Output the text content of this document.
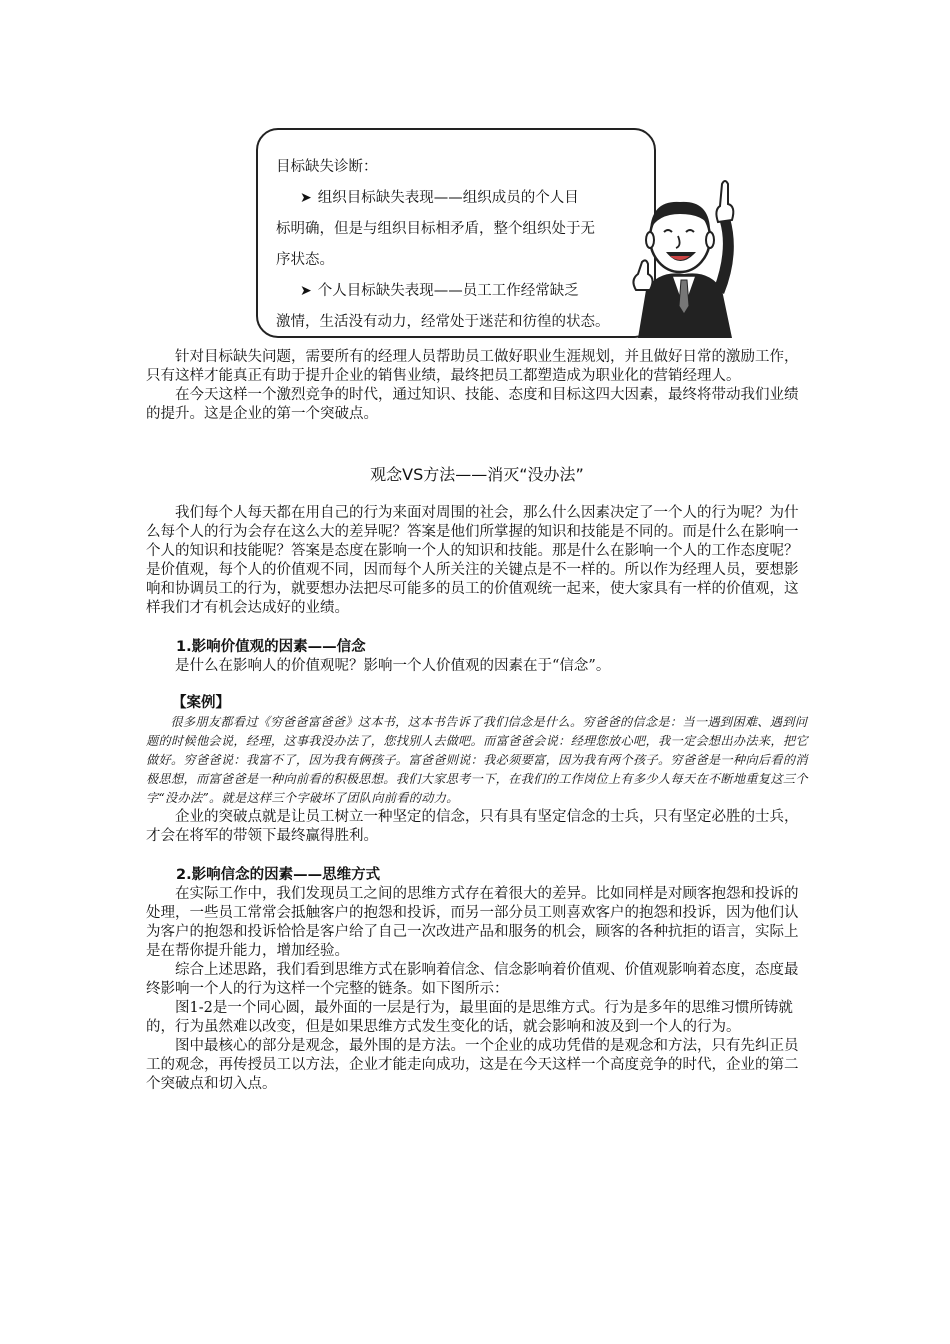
目标缺失诊断：
➤ 组织目标缺失表现——组织成员的个人目
标明确，但是与组织目标相矛盾，整个组织处于无
序状态。
➤ 个人目标缺失表现——员工工作经常缺乏
激情，生活没有动力，经常处于迷茫和彷徨的状态。

针对目标缺失问题，需要所有的经理人员帮助员工做好职业生涯规划，并且做好日常的激励工作，只有这样才能真正有助于提升企业的销售业绩，最终把员工都塑造成为职业化的营销经理人。

在今天这样一个激烈竞争的时代，通过知识、技能、态度和目标这四大因素，最终将带动我们业绩的提升。这是企业的第一个突破点。

观念VS方法——消灭“没办法”

我们每个人每天都在用自己的行为来面对周围的社会，那么什么因素决定了一个人的行为呢？为什么每个人的行为会存在这么大的差异呢？答案是他们所掌握的知识和技能是不同的。而是什么在影响一个人的知识和技能呢？答案是态度在影响一个人的知识和技能。那是什么在影响一个人的工作态度呢？是价值观，每个人的价值观不同，因而每个人所关注的关键点是不一样的。所以作为经理人员，要想影响和协调员工的行为，就要想办法把尽可能多的员工的价值观统一起来，使大家具有一样的价值观，这样我们才有机会达成好的业绩。

1.影响价值观的因素——信念

是什么在影响人的价值观呢？影响一个人价值观的因素在于“信念”。

【案例】

很多朋友都看过《穷爸爸富爸爸》这本书，这本书告诉了我们信念是什么。穷爸爸的信念是：当一遇到困难、遇到问题的时候他会说，经理，这事我没办法了，您找别人去做吧。而富爸爸会说：经理您放心吧，我一定会想出办法来，把它做好。穷爸爸说：我富不了，因为我有俩孩子。富爸爸则说：我必须要富，因为我有两个孩子。穷爸爸是一种向后看的消极思想，而富爸爸是一种向前看的积极思想。我们大家思考一下，在我们的工作岗位上有多少人每天在不断地重复这三个字“没办法”。就是这样三个字破坏了团队向前看的动力。

企业的突破点就是让员工树立一种坚定的信念，只有具有坚定信念的士兵，只有坚定必胜的士兵，才会在将军的带领下最终赢得胜利。

2.影响信念的因素——思维方式

在实际工作中，我们发现员工之间的思维方式存在着很大的差异。比如同样是对顾客抱怨和投诉的处理，一些员工常常会抵触客户的抱怨和投诉，而另一部分员工则喜欢客户的抱怨和投诉，因为他们认为客户的抱怨和投诉恰恰是客户给了自己一次改进产品和服务的机会，顾客的各种抗拒的语言，实际上是在帮你提升能力，增加经验。

综合上述思路，我们看到思维方式在影响着信念、信念影响着价值观、价值观影响着态度，态度最终影响一个人的行为这样一个完整的链条。如下图所示：

图1-2是一个同心圆，最外面的一层是行为，最里面的是思维方式。行为是多年的思维习惯所铸就的，行为虽然难以改变，但是如果思维方式发生变化的话，就会影响和波及到一个人的行为。

图中最核心的部分是观念，最外围的是方法。一个企业的成功凭借的是观念和方法，只有先纠正员工的观念，再传授员工以方法，企业才能走向成功，这是在今天这样一个高度竞争的时代，企业的第二个突破点和切入点。
